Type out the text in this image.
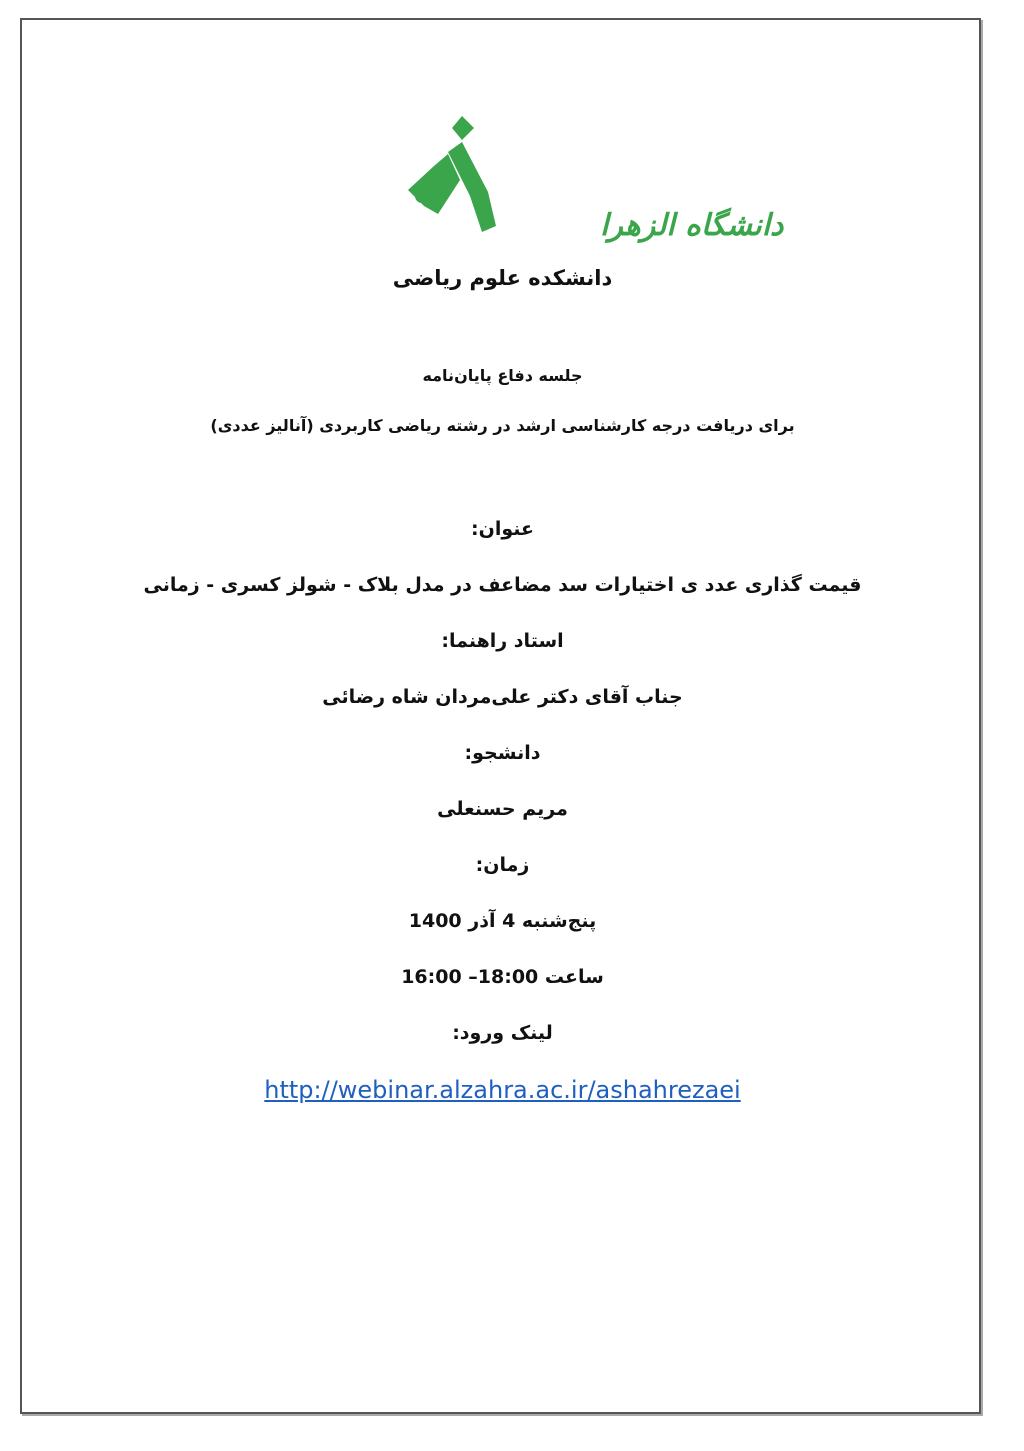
دانشگاه الزهرا
دانشکده علوم ریاضی
جلسه دفاع پایان‌نامه
برای دریافت درجه کارشناسی ارشد در رشته ریاضی کاربردی (آنالیز عددی)
عنوان:
قیمت گذاری عدد ی اختیارات سد مضاعف در مدل بلاک - شولز کسری - زمانی
استاد راهنما:
جناب آقای دکتر علی‌مردان شاه رضائی
دانشجو:
مریم حسنعلی
زمان:
پنج‌شنبه 4 آذر 1400
ساعت 18:00– 16:00
لینک ورود:
http://webinar.alzahra.ac.ir/ashahrezaei
